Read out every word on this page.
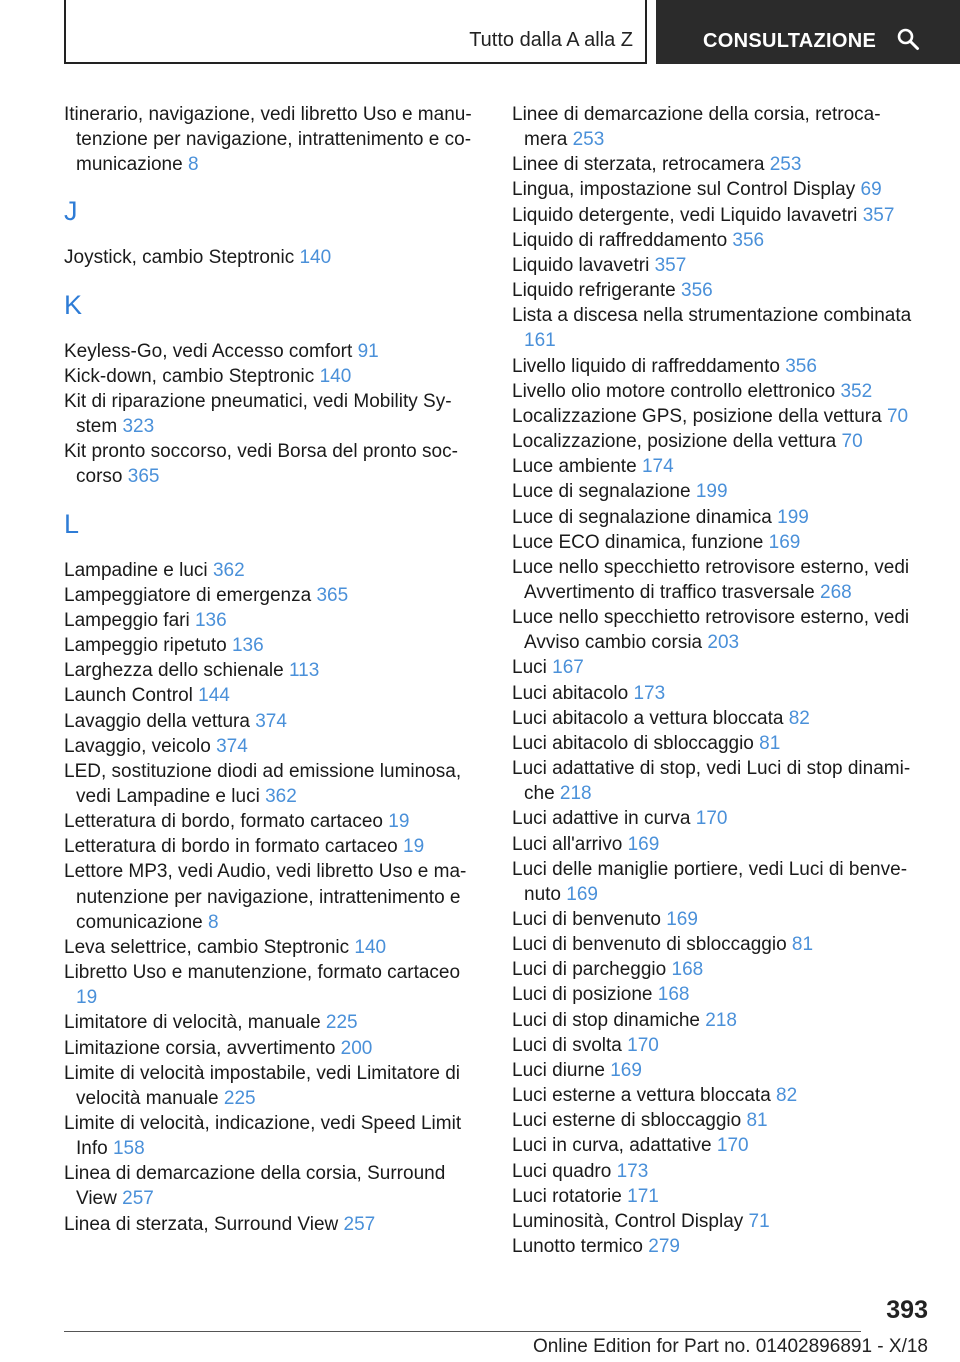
Tutto dalla A alla Z	CONSULTAZIONE
Itinerario, navigazione, vedi libretto Uso e manutenzione per navigazione, intrattenimento e comunicazione 8
J
Joystick, cambio Steptronic 140
K
Keyless-Go, vedi Accesso comfort 91
Kick-down, cambio Steptronic 140
Kit di riparazione pneumatici, vedi Mobility System 323
Kit pronto soccorso, vedi Borsa del pronto soccorso 365
L
Lampadine e luci 362
Lampeggiatore di emergenza 365
Lampeggio fari 136
Lampeggio ripetuto 136
Larghezza dello schienale 113
Launch Control 144
Lavaggio della vettura 374
Lavaggio, veicolo 374
LED, sostituzione diodi ad emissione luminosa, vedi Lampadine e luci 362
Letteratura di bordo, formato cartaceo 19
Letteratura di bordo in formato cartaceo 19
Lettore MP3, vedi Audio, vedi libretto Uso e manutenzione per navigazione, intrattenimento e comunicazione 8
Leva selettrice, cambio Steptronic 140
Libretto Uso e manutenzione, formato cartaceo 19
Limitatore di velocità, manuale 225
Limitazione corsia, avvertimento 200
Limite di velocità impostabile, vedi Limitatore di velocità manuale 225
Limite di velocità, indicazione, vedi Speed Limit Info 158
Linea di demarcazione della corsia, Surround View 257
Linea di sterzata, Surround View 257
Linee di demarcazione della corsia, retrocamera 253
Linee di sterzata, retrocamera 253
Lingua, impostazione sul Control Display 69
Liquido detergente, vedi Liquido lavavetri 357
Liquido di raffreddamento 356
Liquido lavavetri 357
Liquido refrigerante 356
Lista a discesa nella strumentazione combinata 161
Livello liquido di raffreddamento 356
Livello olio motore controllo elettronico 352
Localizzazione GPS, posizione della vettura 70
Localizzazione, posizione della vettura 70
Luce ambiente 174
Luce di segnalazione 199
Luce di segnalazione dinamica 199
Luce ECO dinamica, funzione 169
Luce nello specchietto retrovisore esterno, vedi Avvertimento di traffico trasversale 268
Luce nello specchietto retrovisore esterno, vedi Avviso cambio corsia 203
Luci 167
Luci abitacolo 173
Luci abitacolo a vettura bloccata 82
Luci abitacolo di sbloccaggio 81
Luci adattative di stop, vedi Luci di stop dinamiche 218
Luci adattive in curva 170
Luci all'arrivo 169
Luci delle maniglie portiere, vedi Luci di benvenuto 169
Luci di benvenuto 169
Luci di benvenuto di sbloccaggio 81
Luci di parcheggio 168
Luci di posizione 168
Luci di stop dinamiche 218
Luci di svolta 170
Luci diurne 169
Luci esterne a vettura bloccata 82
Luci esterne di sbloccaggio 81
Luci in curva, adattative 170
Luci quadro 173
Luci rotatorie 171
Luminosità, Control Display 71
Lunotto termico 279
393
Online Edition for Part no. 01402896891 - X/18
